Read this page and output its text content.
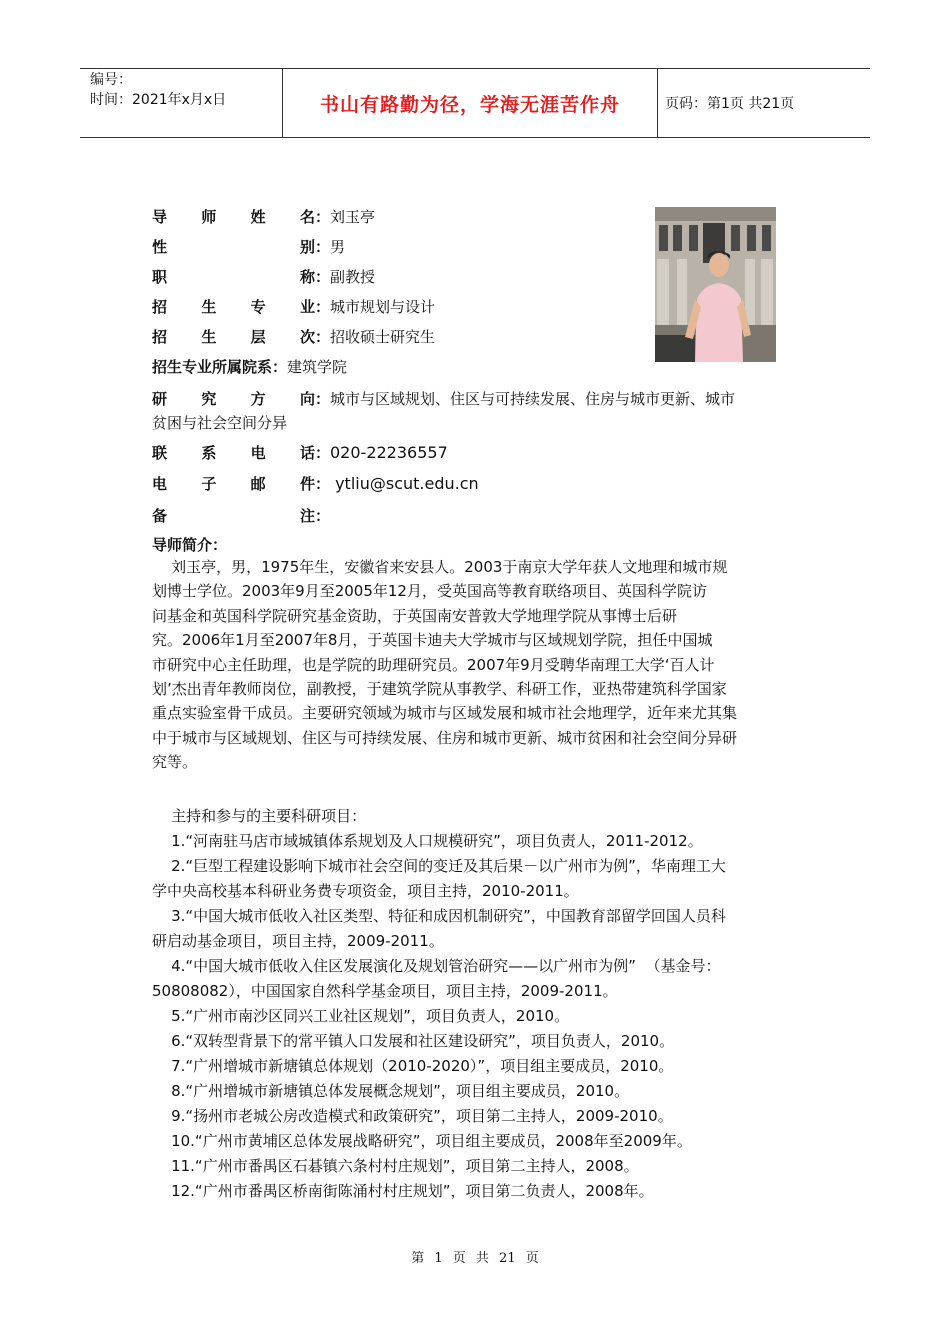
编号：
时间：2021年x月x日	书山有路勤为径，学海无涯苦作舟	页码：第1页 共21页
导 师 姓 名： 刘玉亭
性	别： 男
职	称： 副教授
招 生 专 业： 城市规划与设计
招 生 层 次： 招收硕士研究生
招生专业所属院系：建筑学院
研 究 方 向： 城市与区域规划、住区与可持续发展、住房与城市更新、城市
贫困与社会空间分异
联 系 电 话： 020-22236557
电 子 邮 件： ytliu@scut.edu.cn
备	注：
导师简介：
刘玉亭，男，1975年生，安徽省来安县人。2003于南京大学年获人文地理和城市规
划博士学位。2003年9月至2005年12月，受英国高等教育联络项目、英国科学院访
问基金和英国科学院研究基金资助，于英国南安普敦大学地理学院从事博士后研
究。2006年1月至2007年8月，于英国卡迪夫大学城市与区域规划学院，担任中国城
市研究中心主任助理，也是学院的助理研究员。2007年9月受聘华南理工大学‘百人计
划’杰出青年教师岗位，副教授，于建筑学院从事教学、科研工作，亚热带建筑科学国家
重点实验室骨干成员。主要研究领域为城市与区域发展和城市社会地理学，近年来尤其集
中于城市与区域规划、住区与可持续发展、住房和城市更新、城市贫困和社会空间分异研
究等。
主持和参与的主要科研项目：
1.“河南驻马店市域城镇体系规划及人口规模研究”，项目负责人，2011-2012。
2.“巨型工程建设影响下城市社会空间的变迁及其后果－以广州市为例”，华南理工大
学中央高校基本科研业务费专项资金，项目主持，2010-2011。
3.“中国大城市低收入社区类型、特征和成因机制研究”，中国教育部留学回国人员科
研启动基金项目，项目主持，2009-2011。
4.“中国大城市低收入住区发展演化及规划管治研究——以广州市为例”  （基金号：
50808082），中国国家自然科学基金项目，项目主持，2009-2011。
5.“广州市南沙区同兴工业社区规划”，项目负责人，2010。
6.“双转型背景下的常平镇人口发展和社区建设研究”，项目负责人，2010。
7.“广州增城市新塘镇总体规划（2010-2020）”，项目组主要成员，2010。
8.“广州增城市新塘镇总体发展概念规划”，项目组主要成员，2010。
9.“扬州市老城公房改造模式和政策研究”，项目第二主持人，2009-2010。
10.“广州市黄埔区总体发展战略研究”，项目组主要成员，2008年至2009年。
11.“广州市番禺区石碁镇六条村村庄规划”，项目第二主持人，2008。
12.“广州市番禺区桥南街陈涌村村庄规划”，项目第二负责人，2008年。
第 1 页 共 21 页
